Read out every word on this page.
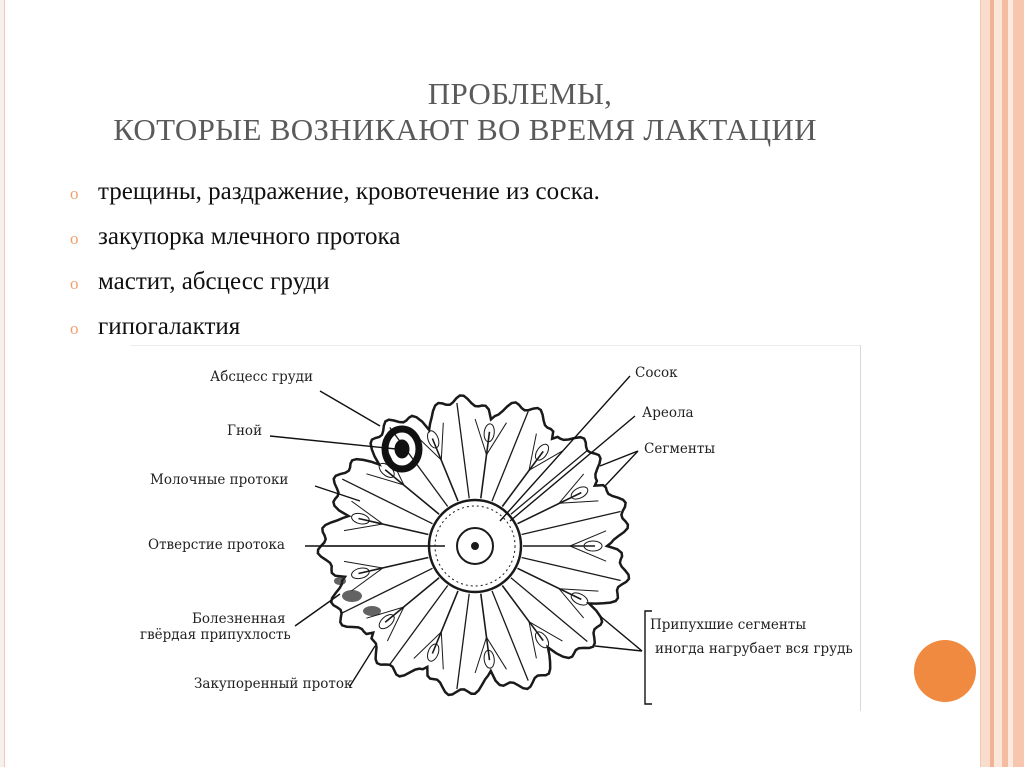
ПРОБЛЕМЫ,
КОТОРЫЕ ВОЗНИКАЮТ ВО ВРЕМЯ ЛАКТАЦИИ
o трещины, раздражение, кровотечение из соска.
o закупорка млечного протока
o мастит, абсцесс груди
o гипогалактия
Абсцесс груди
Гной
Молочные протоки
Отверстие протока
Болезненная
гвёрдая припухлость
Закупоренный проток
Сосок
Ареола
Сегменты
Припухшие сегменты
иногда нагрубает вся грудь
